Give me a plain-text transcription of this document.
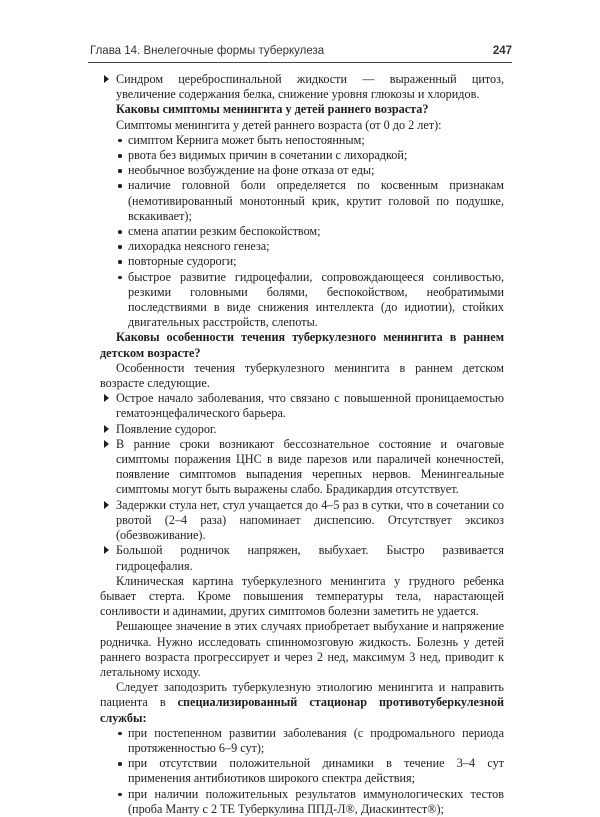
Глава 14. Внелегочные формы туберкулеза	247
Синдром цереброспинальной жидкости — выраженный цитоз, увеличение содержания белка, снижение уровня глюкозы и хлоридов.

Каковы симптомы менингита у детей раннего возраста?

Симптомы менингита у детей раннего возраста (от 0 до 2 лет):

симптом Кернига может быть непостоянным;
рвота без видимых причин в сочетании с лихорадкой;
необычное возбуждение на фоне отказа от еды;
наличие головной боли определяется по косвенным признакам (немотивированный монотонный крик, крутит головой по подушке, вскакивает);
смена апатии резким беспокойством;
лихорадка неясного генеза;
повторные судороги;
быстрое развитие гидроцефалии, сопровождающееся сонливостью, резкими головными болями, беспокойством, необратимыми последствиями в виде снижения интеллекта (до идиотии), стойких двигательных расстройств, слепоты.

Каковы особенности течения туберкулезного менингита в раннем детском возрасте?

Особенности течения туберкулезного менингита в раннем детском возрасте следующие.

Острое начало заболевания, что связано с повышенной проницаемостью гематоэнцефалического барьера.
Появление судорог.
В ранние сроки возникают бессознательное состояние и очаговые симптомы поражения ЦНС в виде парезов или параличей конечностей, появление симптомов выпадения черепных нервов. Менингеальные симптомы могут быть выражены слабо. Брадикардия отсутствует.
Задержки стула нет, стул учащается до 4–5 раз в сутки, что в сочетании со рвотой (2–4 раза) напоминает диспепсию. Отсутствует эксикоз (обезвоживание).
Большой родничок напряжен, выбухает. Быстро развивается гидроцефалия.

Клиническая картина туберкулезного менингита у грудного ребенка бывает стерта. Кроме повышения температуры тела, нарастающей сонливости и адинамии, других симптомов болезни заметить не удается.

Решающее значение в этих случаях приобретает выбухание и напряжение родничка. Нужно исследовать спинномозговую жидкость. Болезнь у детей раннего возраста прогрессирует и через 2 нед, максимум 3 нед, приводит к летальному исходу.

Следует заподозрить туберкулезную этиологию менингита и направить пациента в специализированный стационар противотуберкулезной службы:

при постепенном развитии заболевания (с продромального периода протяженностью 6–9 сут);
при отсутствии положительной динамики в течение 3–4 сут применения антибиотиков широкого спектра действия;
при наличии положительных результатов иммунологических тестов (проба Манту с 2 ТЕ Туберкулина ППД-Л®, Диаскинтест®);
